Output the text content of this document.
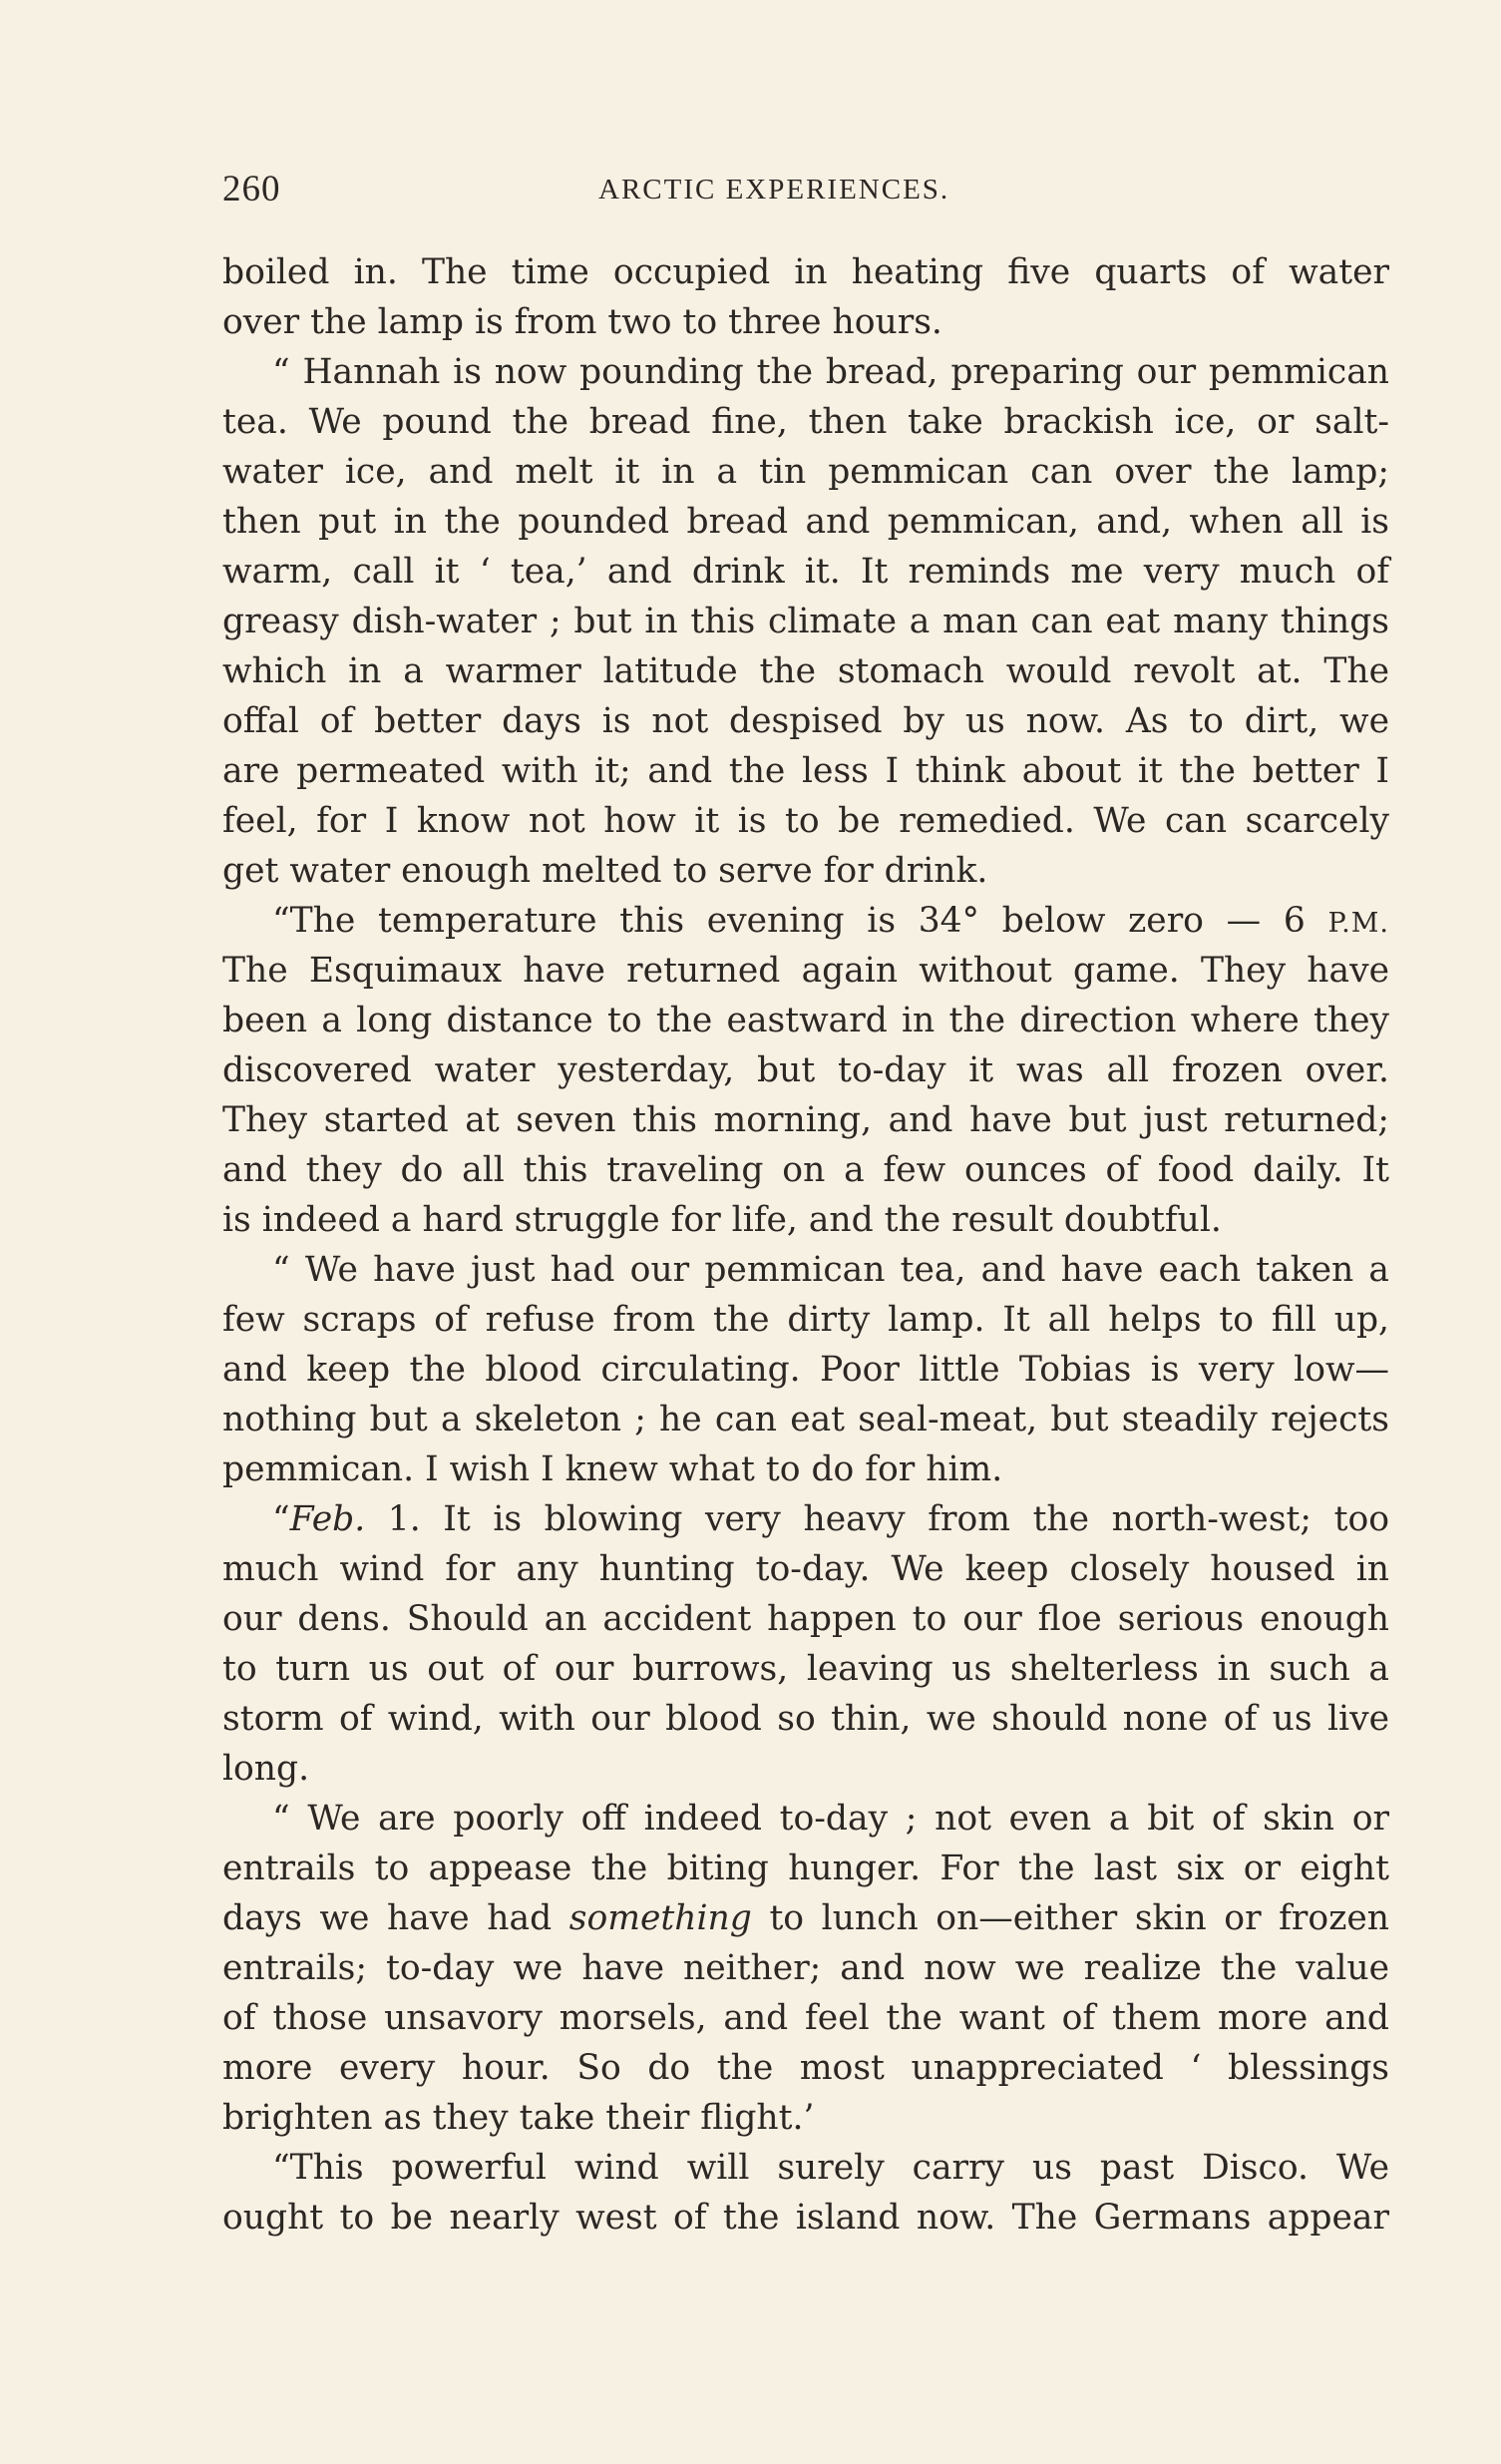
260	ARCTIC EXPERIENCES.
boiled in. The time occupied in heating five quarts of water
over the lamp is from two to three hours.
“ Hannah is now pounding the bread, preparing our pemmican
tea. We pound the bread fine, then take brackish ice, or salt-
water ice, and melt it in a tin pemmican can over the lamp;
then put in the pounded bread and pemmican, and, when all is
warm, call it ‘ tea,’ and drink it. It reminds me very much of
greasy dish-water ; but in this climate a man can eat many things
which in a warmer latitude the stomach would revolt at. The
offal of better days is not despised by us now. As to dirt, we
are permeated with it; and the less I think about it the better I
feel, for I know not how it is to be remedied. We can scarcely
get water enough melted to serve for drink.
“The temperature this evening is 34° below zero — 6 P.M.
The Esquimaux have returned again without game. They have
been a long distance to the eastward in the direction where they
discovered water yesterday, but to-day it was all frozen over.
They started at seven this morning, and have but just returned;
and they do all this traveling on a few ounces of food daily. It
is indeed a hard struggle for life, and the result doubtful.
“ We have just had our pemmican tea, and have each taken a
few scraps of refuse from the dirty lamp. It all helps to fill up,
and keep the blood circulating. Poor little Tobias is very low—
nothing but a skeleton ; he can eat seal-meat, but steadily rejects
pemmican. I wish I knew what to do for him.
“Feb. 1. It is blowing very heavy from the north-west; too
much wind for any hunting to-day. We keep closely housed in
our dens. Should an accident happen to our floe serious enough
to turn us out of our burrows, leaving us shelterless in such a
storm of wind, with our blood so thin, we should none of us live
long.
“ We are poorly off indeed to-day ; not even a bit of skin or
entrails to appease the biting hunger. For the last six or eight
days we have had something to lunch on—either skin or frozen
entrails; to-day we have neither; and now we realize the value
of those unsavory morsels, and feel the want of them more and
more every hour. So do the most unappreciated ‘ blessings
brighten as they take their flight.’
“This powerful wind will surely carry us past Disco. We
ought to be nearly west of the island now. The Germans appear
